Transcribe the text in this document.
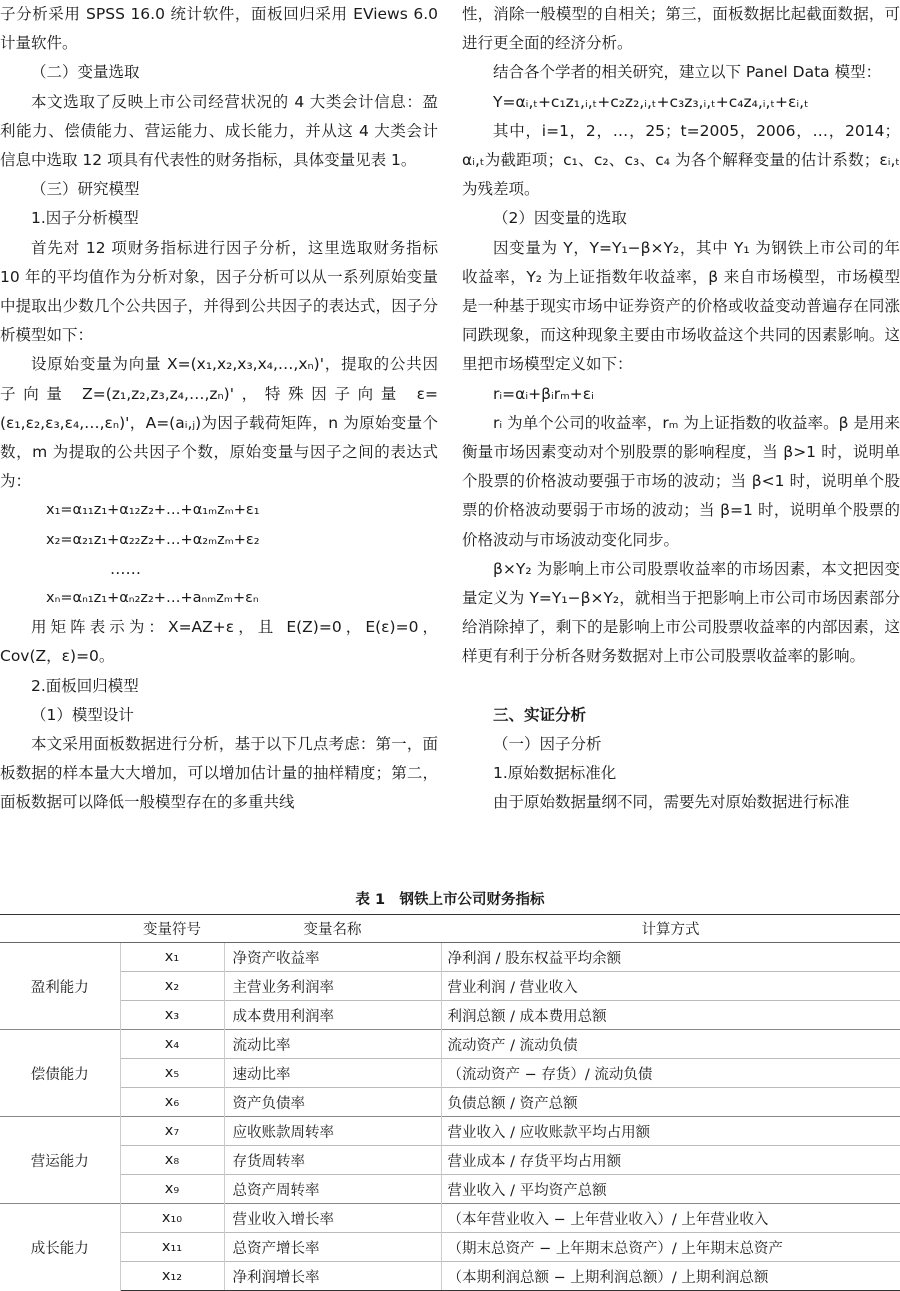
子分析采用 SPSS 16.0 统计软件，面板回归采用 EViews 6.0 计量软件。

（二）变量选取

本文选取了反映上市公司经营状况的 4 大类会计信息：盈利能力、偿债能力、营运能力、成长能力，并从这 4 大类会计信息中选取 12 项具有代表性的财务指标，具体变量见表 1。

（三）研究模型

1.因子分析模型

首先对 12 项财务指标进行因子分析，这里选取财务指标 10 年的平均值作为分析对象，因子分析可以从一系列原始变量中提取出少数几个公共因子，并得到公共因子的表达式，因子分析模型如下：

设原始变量为向量 X=(x₁,x₂,x₃,x₄,…,xₙ)'，提取的公共因子向量 Z=(z₁,z₂,z₃,z₄,…,zₙ)'，特殊因子向量 ε=(ε₁,ε₂,ε₃,ε₄,…,εₙ)'，A=(aᵢ,ⱼ)为因子载荷矩阵，n 为原始变量个数，m 为提取的公共因子个数，原始变量与因子之间的表达式为：

x₁=α₁₁z₁+α₁₂z₂+…+α₁ₘzₘ+ε₁

x₂=α₂₁z₁+α₂₂z₂+…+α₂ₘzₘ+ε₂

……

xₙ=αₙ₁z₁+αₙ₂z₂+…+aₙₘzₘ+εₙ

用矩阵表示为：X=AZ+ε，且 E(Z)=0，E(ε)=0，Cov(Z，ε)=0。

2.面板回归模型

（1）模型设计

本文采用面板数据进行分析，基于以下几点考虑：第一，面板数据的样本量大大增加，可以增加估计量的抽样精度；第二，面板数据可以降低一般模型存在的多重共线

性，消除一般模型的自相关；第三，面板数据比起截面数据，可进行更全面的经济分析。

结合各个学者的相关研究，建立以下 Panel Data 模型：

Y=αᵢ,ₜ+c₁z₁,ᵢ,ₜ+c₂z₂,ᵢ,ₜ+c₃z₃,ᵢ,ₜ+c₄z₄,ᵢ,ₜ+εᵢ,ₜ

其中，i=1，2，…，25；t=2005，2006，…，2014；αᵢ,ₜ为截距项；c₁、c₂、c₃、c₄ 为各个解释变量的估计系数；εᵢ,ₜ为残差项。

（2）因变量的选取

因变量为 Y，Y=Y₁−β×Y₂，其中 Y₁ 为钢铁上市公司的年收益率，Y₂ 为上证指数年收益率，β 来自市场模型，市场模型是一种基于现实市场中证券资产的价格或收益变动普遍存在同涨同跌现象，而这种现象主要由市场收益这个共同的因素影响。这里把市场模型定义如下：

rᵢ=αᵢ+βᵢrₘ+εᵢ

rᵢ 为单个公司的收益率，rₘ 为上证指数的收益率。β 是用来衡量市场因素变动对个别股票的影响程度，当 β>1 时，说明单个股票的价格波动要强于市场的波动；当 β<1 时，说明单个股票的价格波动要弱于市场的波动；当 β=1 时，说明单个股票的价格波动与市场波动变化同步。

β×Y₂ 为影响上市公司股票收益率的市场因素，本文把因变量定义为 Y=Y₁−β×Y₂，就相当于把影响上市公司市场因素部分给消除掉了，剩下的是影响上市公司股票收益率的内部因素，这样更有利于分析各财务数据对上市公司股票收益率的影响。

三、实证分析

（一）因子分析

1.原始数据标准化

由于原始数据量纲不同，需要先对原始数据进行标准

表 1　钢铁上市公司财务指标
	变量符号	变量名称	计算方式
盈利能力	x₁	净资产收益率	净利润 / 股东权益平均余额
	x₂	主营业务利润率	营业利润 / 营业收入
	x₃	成本费用利润率	利润总额 / 成本费用总额
偿债能力	x₄	流动比率	流动资产 / 流动负债
	x₅	速动比率	（流动资产 − 存货）/ 流动负债
	x₆	资产负债率	负债总额 / 资产总额
营运能力	x₇	应收账款周转率	营业收入 / 应收账款平均占用额
	x₈	存货周转率	营业成本 / 存货平均占用额
	x₉	总资产周转率	营业收入 / 平均资产总额
成长能力	x₁₀	营业收入增长率	（本年营业收入 − 上年营业收入）/ 上年营业收入
	x₁₁	总资产增长率	（期末总资产 − 上年期末总资产）/ 上年期末总资产
	x₁₂	净利润增长率	（本期利润总额 − 上期利润总额）/ 上期利润总额
